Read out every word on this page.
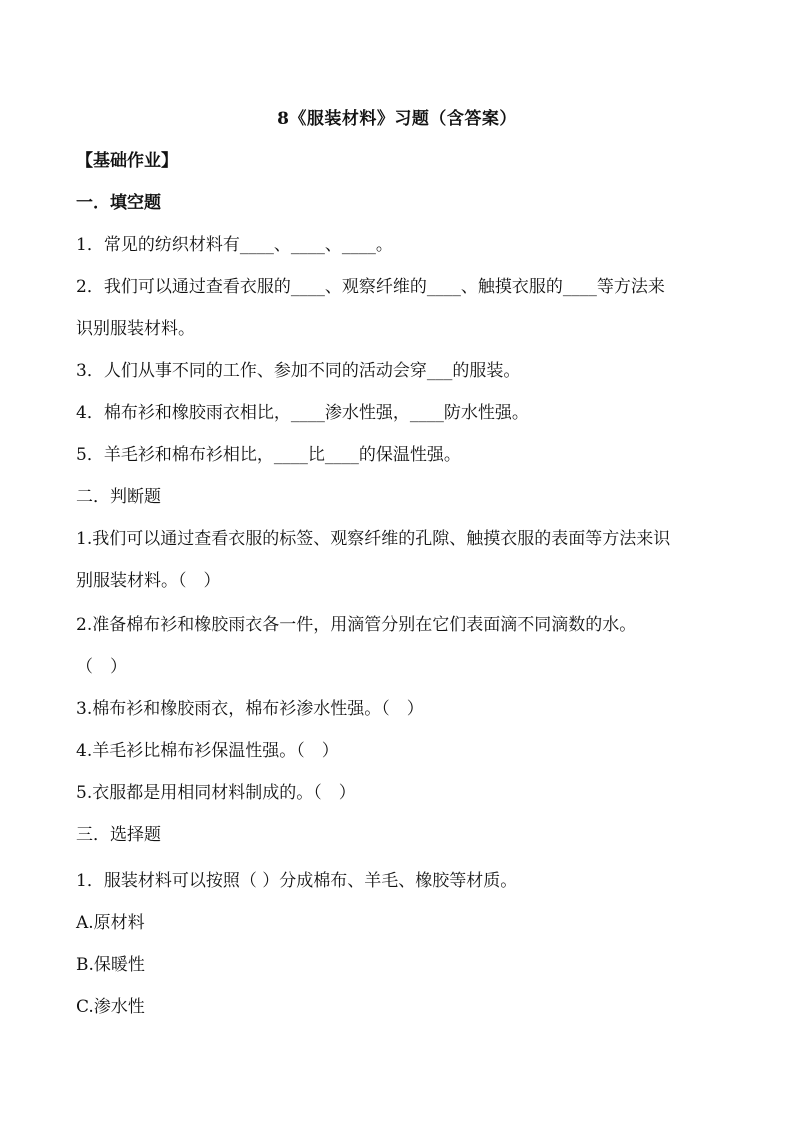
8《服装材料》习题（含答案）
【基础作业】
一．填空题
1．常见的纺织材料有____、____、____。
2．我们可以通过查看衣服的____、观察纤维的____、触摸衣服的____等方法来
识别服装材料。
3．人们从事不同的工作、参加不同的活动会穿___的服装。
4．棉布衫和橡胶雨衣相比，____渗水性强，____防水性强。
5．羊毛衫和棉布衫相比，____比____的保温性强。
二．判断题
1.我们可以通过查看衣服的标签、观察纤维的孔隙、触摸衣服的表面等方法来识
别服装材料。（　）
2.准备棉布衫和橡胶雨衣各一件，用滴管分别在它们表面滴不同滴数的水。
（　）
3.棉布衫和橡胶雨衣，棉布衫渗水性强。（　）
4.羊毛衫比棉布衫保温性强。（　）
5.衣服都是用相同材料制成的。（　）
三．选择题
1．服装材料可以按照（ ）分成棉布、羊毛、橡胶等材质。
A.原材料
B.保暖性
C.渗水性
